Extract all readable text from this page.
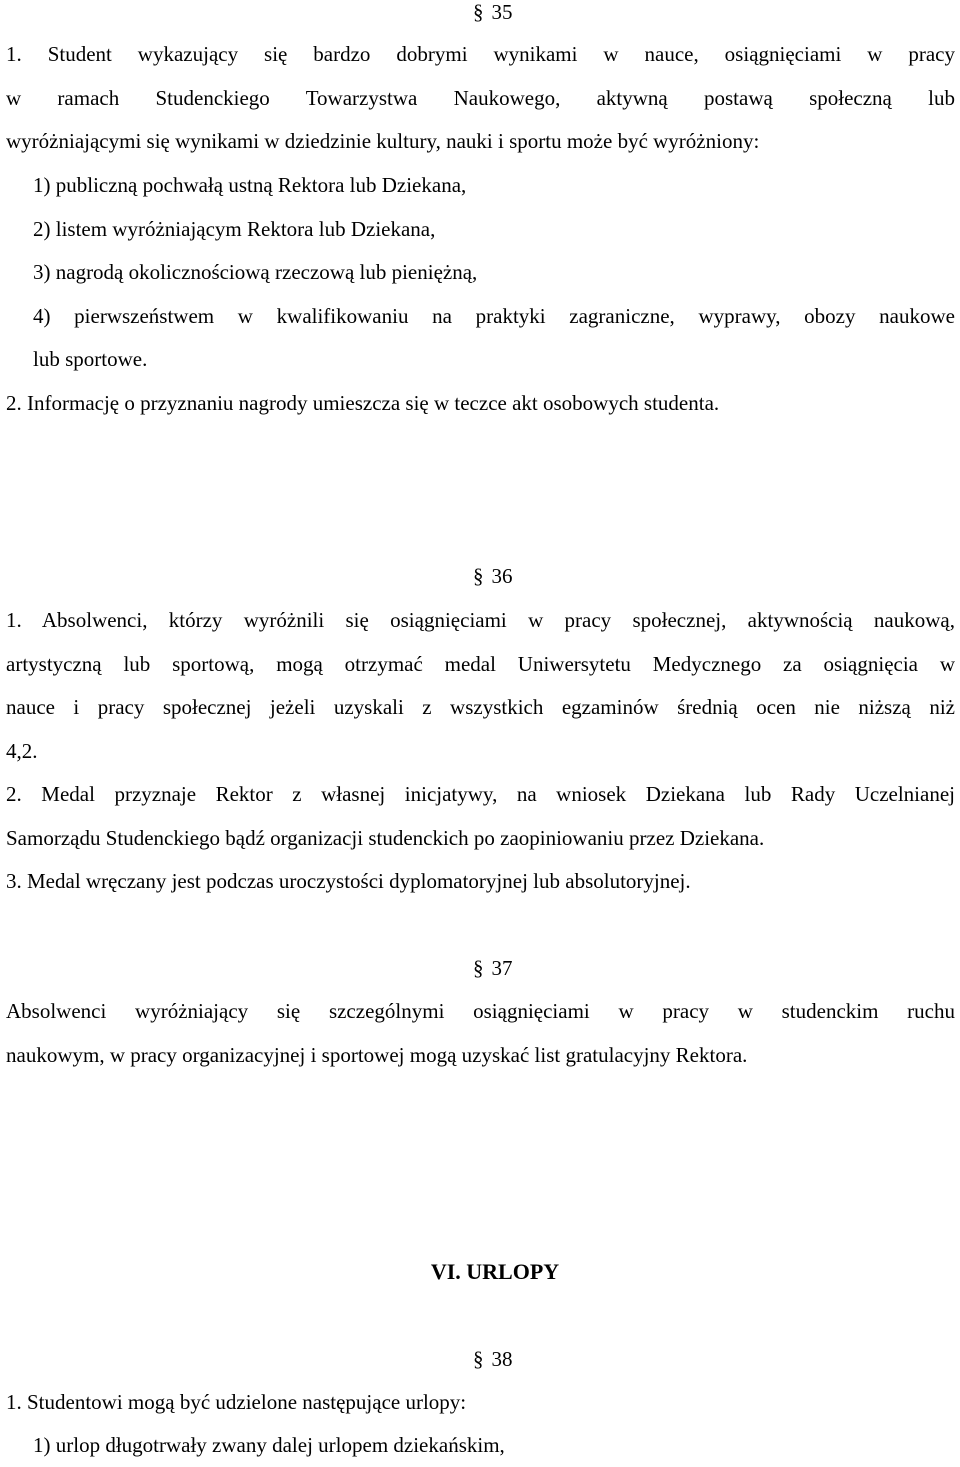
§ 35
1. Student wykazujący się bardzo dobrymi wynikami w nauce, osiągnięciami w pracy
w ramach Studenckiego Towarzystwa Naukowego, aktywną postawą społeczną lub
wyróżniającymi się wynikami w dziedzinie kultury, nauki i sportu może być wyróżniony:
1) publiczną pochwałą ustną Rektora lub Dziekana,
2) listem wyróżniającym Rektora lub Dziekana,
3) nagrodą okolicznościową rzeczową lub pieniężną,
4) pierwszeństwem w kwalifikowaniu na praktyki zagraniczne, wyprawy, obozy naukowe
lub sportowe.
2. Informację o przyznaniu nagrody umieszcza się w teczce akt osobowych studenta.
§ 36
1. Absolwenci, którzy wyróżnili się osiągnięciami w pracy społecznej, aktywnością naukową,
artystyczną lub sportową, mogą otrzymać medal Uniwersytetu Medycznego za osiągnięcia w
nauce i pracy społecznej jeżeli uzyskali z wszystkich egzaminów średnią ocen nie niższą niż
4,2.
2. Medal przyznaje Rektor z własnej inicjatywy, na wniosek Dziekana lub Rady Uczelnianej
Samorządu Studenckiego bądź organizacji studenckich po zaopiniowaniu przez Dziekana.
3. Medal wręczany jest podczas uroczystości dyplomatoryjnej lub absolutoryjnej.
§ 37
Absolwenci wyróżniający się szczególnymi osiągnięciami w pracy w studenckim ruchu
naukowym, w pracy organizacyjnej i sportowej mogą uzyskać list gratulacyjny Rektora.
VI. URLOPY
§ 38
1. Studentowi mogą być udzielone następujące urlopy:
1) urlop długotrwały zwany dalej urlopem dziekańskim,
